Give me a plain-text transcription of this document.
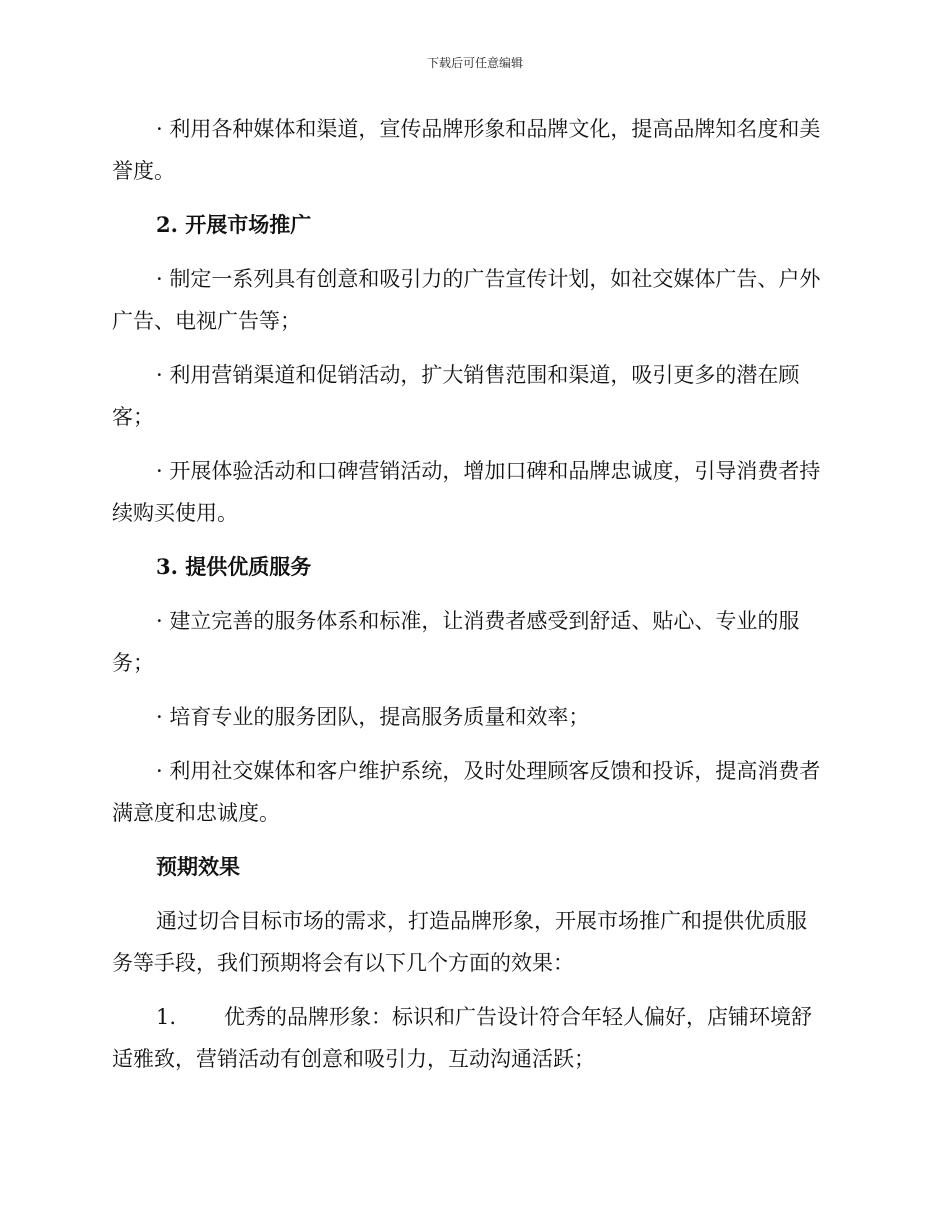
下载后可任意编辑

· 利用各种媒体和渠道，宣传品牌形象和品牌文化，提高品牌知名度和美誉度。

2. 开展市场推广

· 制定一系列具有创意和吸引力的广告宣传计划，如社交媒体广告、户外广告、电视广告等；

· 利用营销渠道和促销活动，扩大销售范围和渠道，吸引更多的潜在顾客；

· 开展体验活动和口碑营销活动，增加口碑和品牌忠诚度，引导消费者持续购买使用。

3. 提供优质服务

· 建立完善的服务体系和标准，让消费者感受到舒适、贴心、专业的服务；

· 培育专业的服务团队，提高服务质量和效率；

· 利用社交媒体和客户维护系统，及时处理顾客反馈和投诉，提高消费者满意度和忠诚度。

预期效果

通过切合目标市场的需求，打造品牌形象，开展市场推广和提供优质服务等手段，我们预期将会有以下几个方面的效果：

1. 优秀的品牌形象：标识和广告设计符合年轻人偏好，店铺环境舒适雅致，营销活动有创意和吸引力，互动沟通活跃；
